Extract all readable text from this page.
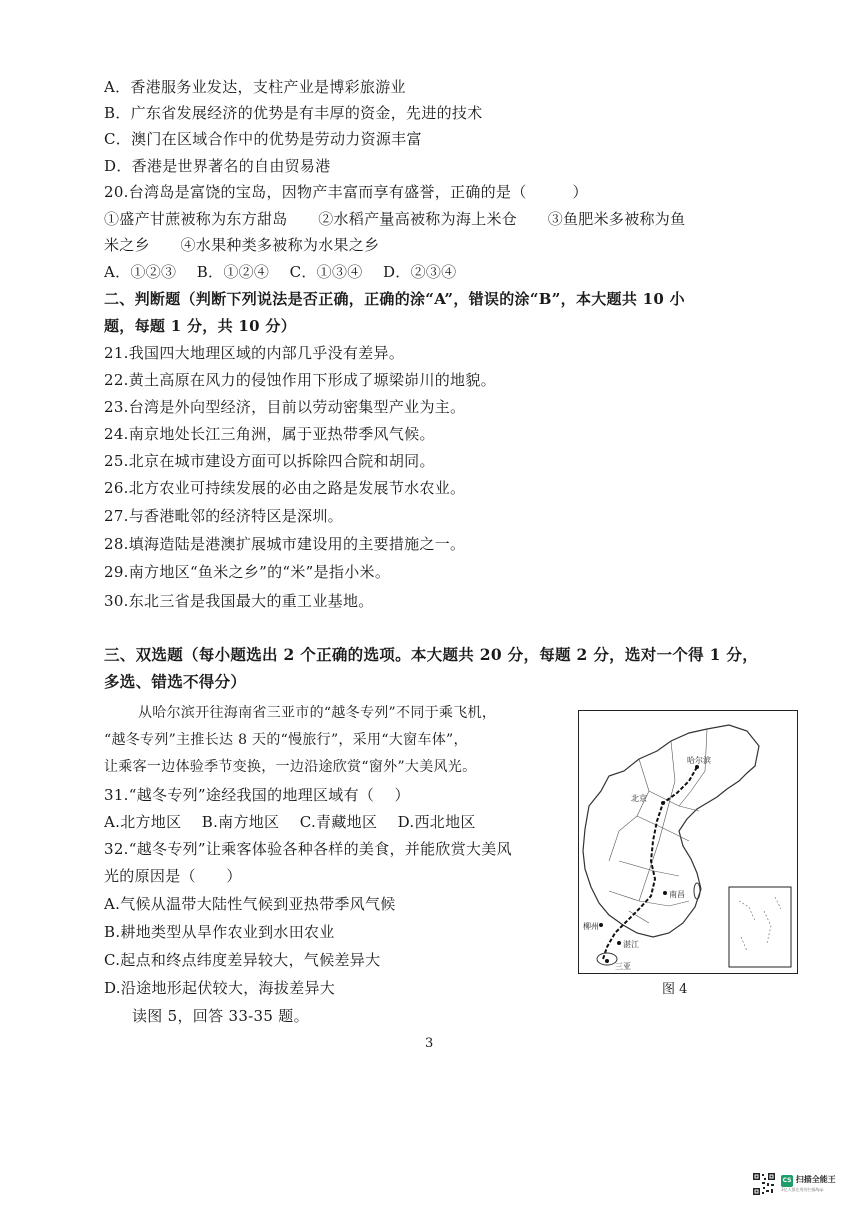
A．香港服务业发达，支柱产业是博彩旅游业
B．广东省发展经济的优势是有丰厚的资金，先进的技术
C．澳门在区域合作中的优势是劳动力资源丰富
D．香港是世界著名的自由贸易港
20.台湾岛是富饶的宝岛，因物产丰富而享有盛誉，正确的是（　　　）
①盛产甘蔗被称为东方甜岛　　②水稻产量高被称为海上米仓　　③鱼肥米多被称为鱼
米之乡　　④水果种类多被称为水果之乡
A．①②③　 B．①②④　 C．①③④　 D．②③④
二、判断题（判断下列说法是否正确，正确的涂“A”，错误的涂“B”，本大题共 10 小
题，每题 1 分，共 10 分）
21.我国四大地理区域的内部几乎没有差异。
22.黄土高原在风力的侵蚀作用下形成了塬梁峁川的地貌。
23.台湾是外向型经济，目前以劳动密集型产业为主。
24.南京地处长江三角洲，属于亚热带季风气候。
25.北京在城市建设方面可以拆除四合院和胡同。
26.北方农业可持续发展的必由之路是发展节水农业。
27.与香港毗邻的经济特区是深圳。
28.填海造陆是港澳扩展城市建设用的主要措施之一。
29.南方地区“鱼米之乡”的“米”是指小米。
30.东北三省是我国最大的重工业基地。
三、双选题（每小题选出 2 个正确的选项。本大题共 20 分，每题 2 分，选对一个得 1 分，
多选、错选不得分）
从哈尔滨开往海南省三亚市的“越冬专列”不同于乘飞机，
“越冬专列”主推长达 8 天的“慢旅行”，采用“大窗车体”，
让乘客一边体验季节变换，一边沿途欣赏“窗外”大美风光。
31.“越冬专列”途经我国的地理区域有（　 ）
A.北方地区　 B.南方地区　 C.青藏地区　 D.西北地区
32.“越冬专列”让乘客体验各种各样的美食，并能欣赏大美风
光的原因是（　　）
A.气候从温带大陆性气候到亚热带季风气候
B.耕地类型从旱作农业到水田农业
C.起点和终点纬度差异较大，气候差异大
D.沿途地形起伏较大，海拔差异大
读图 5，回答 33-35 题。
哈尔滨
北京
南昌
湛江
柳州
三亚
图 4
3
CS 扫描全能王
3亿人都在用的扫描App
